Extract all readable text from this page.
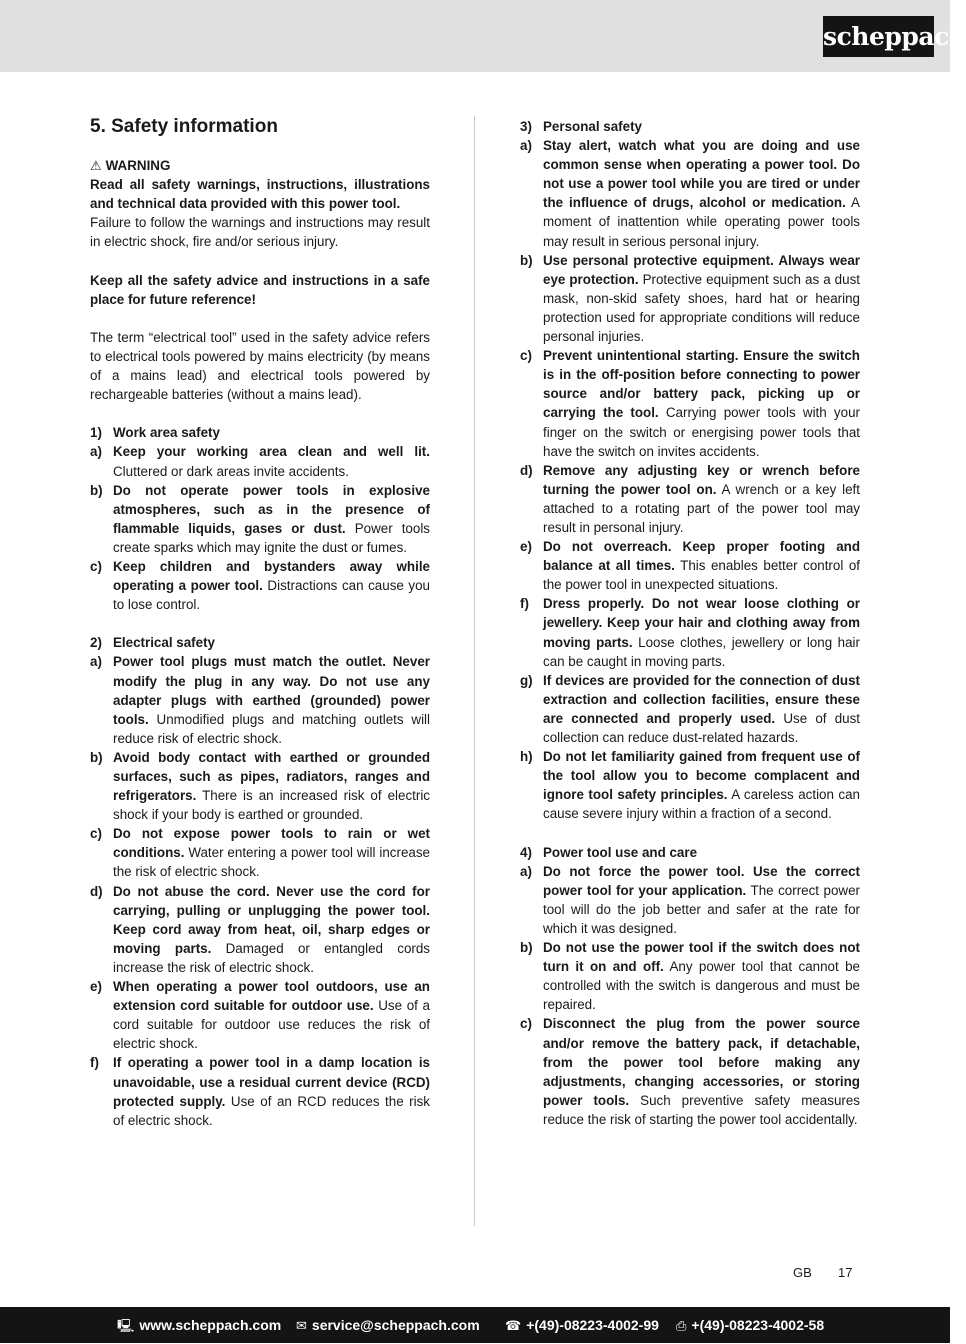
scheppach
5. Safety information
⚠ WARNING

Read all safety warnings, instructions, illustrations and technical data provided with this power tool.

Failure to follow the warnings and instructions may result in electric shock, fire and/or serious injury.

Keep all the safety advice and instructions in a safe place for future reference!

The term “electrical tool” used in the safety advice refers to electrical tools powered by mains electricity (by means of a mains lead) and electrical tools powered by rechargeable batteries (without a mains lead).

1) Work area safety
a) Keep your working area clean and well lit. Cluttered or dark areas invite accidents.
b) Do not operate power tools in explosive atmospheres, such as in the presence of flammable liquids, gases or dust. Power tools create sparks which may ignite the dust or fumes.
c) Keep children and bystanders away while operating a power tool. Distractions can cause you to lose control.
2) Electrical safety
a) Power tool plugs must match the outlet. Never modify the plug in any way. Do not use any adapter plugs with earthed (grounded) power tools. Unmodified plugs and matching outlets will reduce risk of electric shock.
b) Avoid body contact with earthed or grounded surfaces, such as pipes, radiators, ranges and refrigerators. There is an increased risk of electric shock if your body is earthed or grounded.
c) Do not expose power tools to rain or wet conditions. Water entering a power tool will increase the risk of electric shock.
d) Do not abuse the cord. Never use the cord for carrying, pulling or unplugging the power tool. Keep cord away from heat, oil, sharp edges or moving parts. Damaged or entangled cords increase the risk of electric shock.
e) When operating a power tool outdoors, use an extension cord suitable for outdoor use. Use of a cord suitable for outdoor use reduces the risk of electric shock.
f)	If operating a power tool in a damp location is unavoidable, use a residual current device (RCD) protected supply. Use of an RCD reduces the risk of electric shock.
3) Personal safety
a) Stay alert, watch what you are doing and use common sense when operating a power tool. Do not use a power tool while you are tired or under the influence of drugs, alcohol or medication. A moment of inattention while operating power tools may result in serious personal injury.
b) Use personal protective equipment. Always wear eye protection. Protective equipment such as a dust mask, non-skid safety shoes, hard hat or hearing protection used for appropriate conditions will reduce personal injuries.
c) Prevent unintentional starting. Ensure the switch is in the off-position before connecting to power source and/or battery pack, picking up or carrying the tool. Carrying power tools with your finger on the switch or energising power tools that have the switch on invites accidents.
d) Remove any adjusting key or wrench before turning the power tool on. A wrench or a key left attached to a rotating part of the power tool may result in personal injury.
e) Do not overreach. Keep proper footing and balance at all times. This enables better control of the power tool in unexpected situations.
f)	Dress properly. Do not wear loose clothing or jewellery. Keep your hair and clothing away from moving parts. Loose clothes, jewellery or long hair can be caught in moving parts.
g) If devices are provided for the connection of dust extraction and collection facilities, ensure these are connected and properly used. Use of dust collection can reduce dust-related hazards.
h) Do not let familiarity gained from frequent use of the tool allow you to become complacent and ignore tool safety principles. A careless action can cause severe injury within a fraction of a second.
4) Power tool use and care
a) Do not force the power tool. Use the correct power tool for your application. The correct power tool will do the job better and safer at the rate for which it was designed.
b) Do not use the power tool if the switch does not turn it on and off. Any power tool that cannot be controlled with the switch is dangerous and must be repaired.
c) Disconnect the plug from the power source and/or remove the battery pack, if detachable, from the power tool before making any adjustments, changing accessories, or storing power tools. Such preventive safety measures reduce the risk of starting the power tool accidentally.
GB 17
🖳 www.scheppach.com ✉ service@scheppach.com ☎ +(49)-08223-4002-99 ⎙ +(49)-08223-4002-58
